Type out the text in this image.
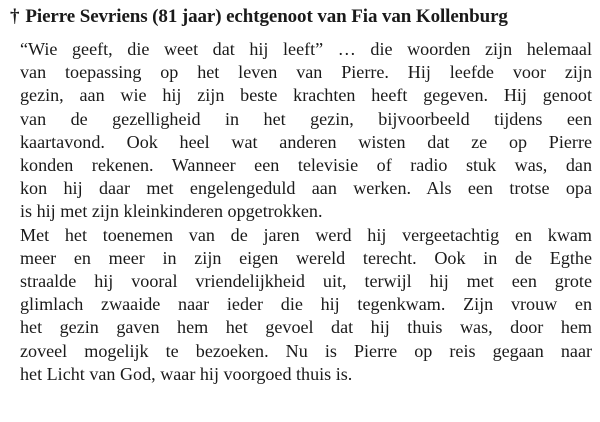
† Pierre Sevriens (81 jaar) echtgenoot van Fia van Kollenburg
“Wie geeft, die weet dat hij leeft” … die woorden zijn helemaal
van toepassing op het leven van Pierre. Hij leefde voor zijn
gezin, aan wie hij zijn beste krachten heeft gegeven. Hij genoot
van de gezelligheid in het gezin, bijvoorbeeld tijdens een
kaartavond. Ook heel wat anderen wisten dat ze op Pierre
konden rekenen. Wanneer een televisie of radio stuk was, dan
kon hij daar met engelengeduld aan werken. Als een trotse opa
is hij met zijn kleinkinderen opgetrokken.
Met het toenemen van de jaren werd hij vergeetachtig en kwam
meer en meer in zijn eigen wereld terecht. Ook in de Egthe
straalde hij vooral vriendelijkheid uit, terwijl hij met een grote
glimlach zwaaide naar ieder die hij tegenkwam. Zijn vrouw en
het gezin gaven hem het gevoel dat hij thuis was, door hem
zoveel mogelijk te bezoeken. Nu is Pierre op reis gegaan naar
het Licht van God, waar hij voorgoed thuis is.
